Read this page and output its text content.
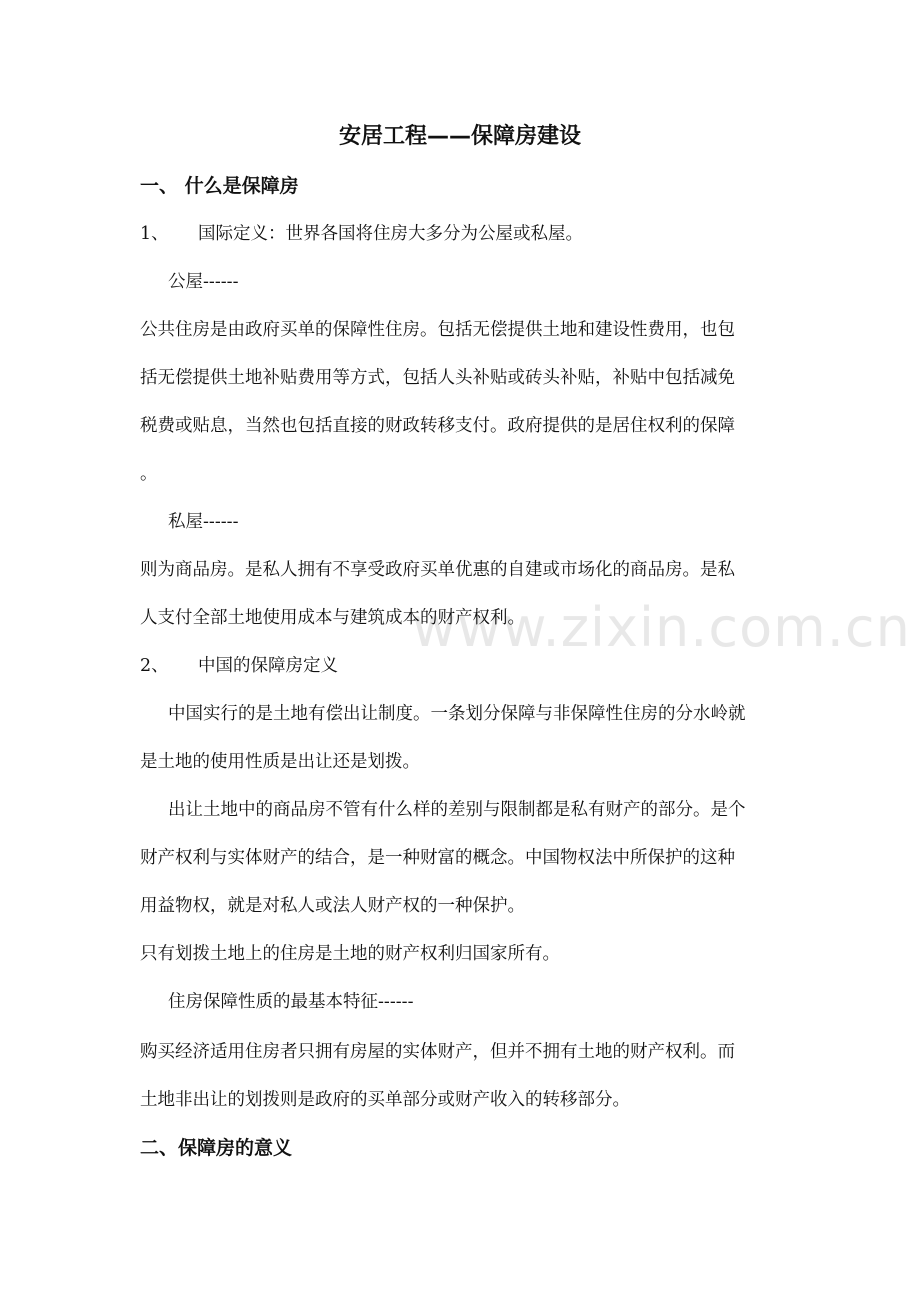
www.zixin.com.cn
安居工程——保障房建设
一、 什么是保障房
1、 国际定义：世界各国将住房大多分为公屋或私屋。
公屋------
公共住房是由政府买单的保障性住房。包括无偿提供土地和建设性费用，也包
括无偿提供土地补贴费用等方式，包括人头补贴或砖头补贴，补贴中包括减免
税费或贴息，当然也包括直接的财政转移支付。政府提供的是居住权利的保障
。
私屋------
则为商品房。是私人拥有不享受政府买单优惠的自建或市场化的商品房。是私
人支付全部土地使用成本与建筑成本的财产权利。
2、 中国的保障房定义
中国实行的是土地有偿出让制度。一条划分保障与非保障性住房的分水岭就
是土地的使用性质是出让还是划拨。
出让土地中的商品房不管有什么样的差别与限制都是私有财产的部分。是个
财产权利与实体财产的结合，是一种财富的概念。中国物权法中所保护的这种
用益物权，就是对私人或法人财产权的一种保护。
只有划拨土地上的住房是土地的财产权利归国家所有。
住房保障性质的最基本特征------
购买经济适用住房者只拥有房屋的实体财产，但并不拥有土地的财产权利。而
土地非出让的划拨则是政府的买单部分或财产收入的转移部分。
二、保障房的意义
